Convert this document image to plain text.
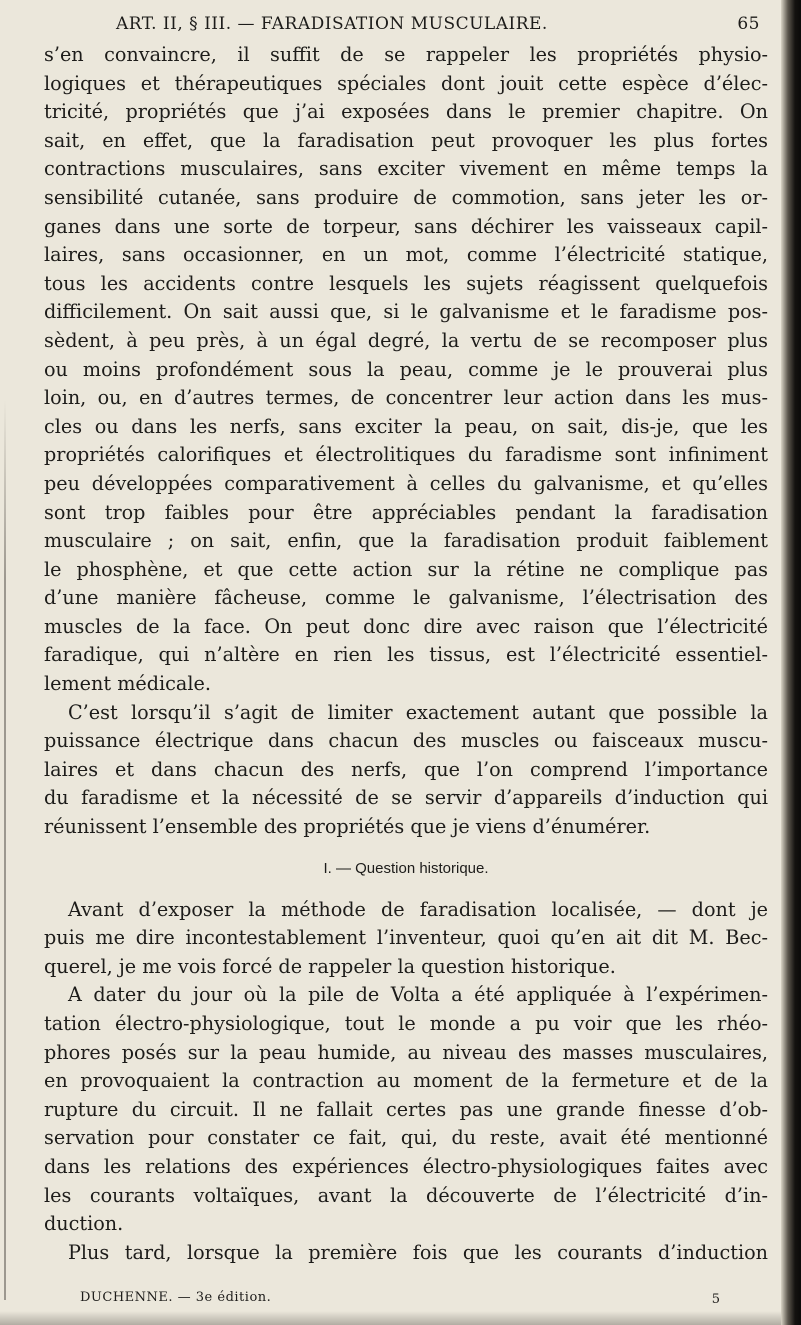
ART. II, § III. — FARADISATION MUSCULAIRE.	65
s’en convaincre, il suffit de se rappeler les propriétés physio-
logiques et thérapeutiques spéciales dont jouit cette espèce d’élec-
tricité, propriétés que j’ai exposées dans le premier chapitre. On
sait, en effet, que la faradisation peut provoquer les plus fortes
contractions musculaires, sans exciter vivement en même temps la
sensibilité cutanée, sans produire de commotion, sans jeter les or-
ganes dans une sorte de torpeur, sans déchirer les vaisseaux capil-
laires, sans occasionner, en un mot, comme l’électricité statique,
tous les accidents contre lesquels les sujets réagissent quelquefois
difficilement. On sait aussi que, si le galvanisme et le faradisme pos-
sèdent, à peu près, à un égal degré, la vertu de se recomposer plus
ou moins profondément sous la peau, comme je le prouverai plus
loin, ou, en d’autres termes, de concentrer leur action dans les mus-
cles ou dans les nerfs, sans exciter la peau, on sait, dis-je, que les
propriétés calorifiques et électrolitiques du faradisme sont infiniment
peu développées comparativement à celles du galvanisme, et qu’elles
sont trop faibles pour être appréciables pendant la faradisation
musculaire ; on sait, enfin, que la faradisation produit faiblement
le phosphène, et que cette action sur la rétine ne complique pas
d’une manière fâcheuse, comme le galvanisme, l’électrisation des
muscles de la face. On peut donc dire avec raison que l’électricité
faradique, qui n’altère en rien les tissus, est l’électricité essentiel-
lement médicale.
C’est lorsqu’il s’agit de limiter exactement autant que possible la
puissance électrique dans chacun des muscles ou faisceaux muscu-
laires et dans chacun des nerfs, que l’on comprend l’importance
du faradisme et la nécessité de se servir d’appareils d’induction qui
réunissent l’ensemble des propriétés que je viens d’énumérer.
I. — Question historique.
Avant d’exposer la méthode de faradisation localisée, — dont je
puis me dire incontestablement l’inventeur, quoi qu’en ait dit M. Bec-
querel, je me vois forcé de rappeler la question historique.
A dater du jour où la pile de Volta a été appliquée à l’expérimen-
tation électro-physiologique, tout le monde a pu voir que les rhéo-
phores posés sur la peau humide, au niveau des masses musculaires,
en provoquaient la contraction au moment de la fermeture et de la
rupture du circuit. Il ne fallait certes pas une grande finesse d’ob-
servation pour constater ce fait, qui, du reste, avait été mentionné
dans les relations des expériences électro-physiologiques faites avec
les courants voltaïques, avant la découverte de l’électricité d’in-
duction.
Plus tard, lorsque la première fois que les courants d’induction
DUCHENNE. — 3e édition.	5
